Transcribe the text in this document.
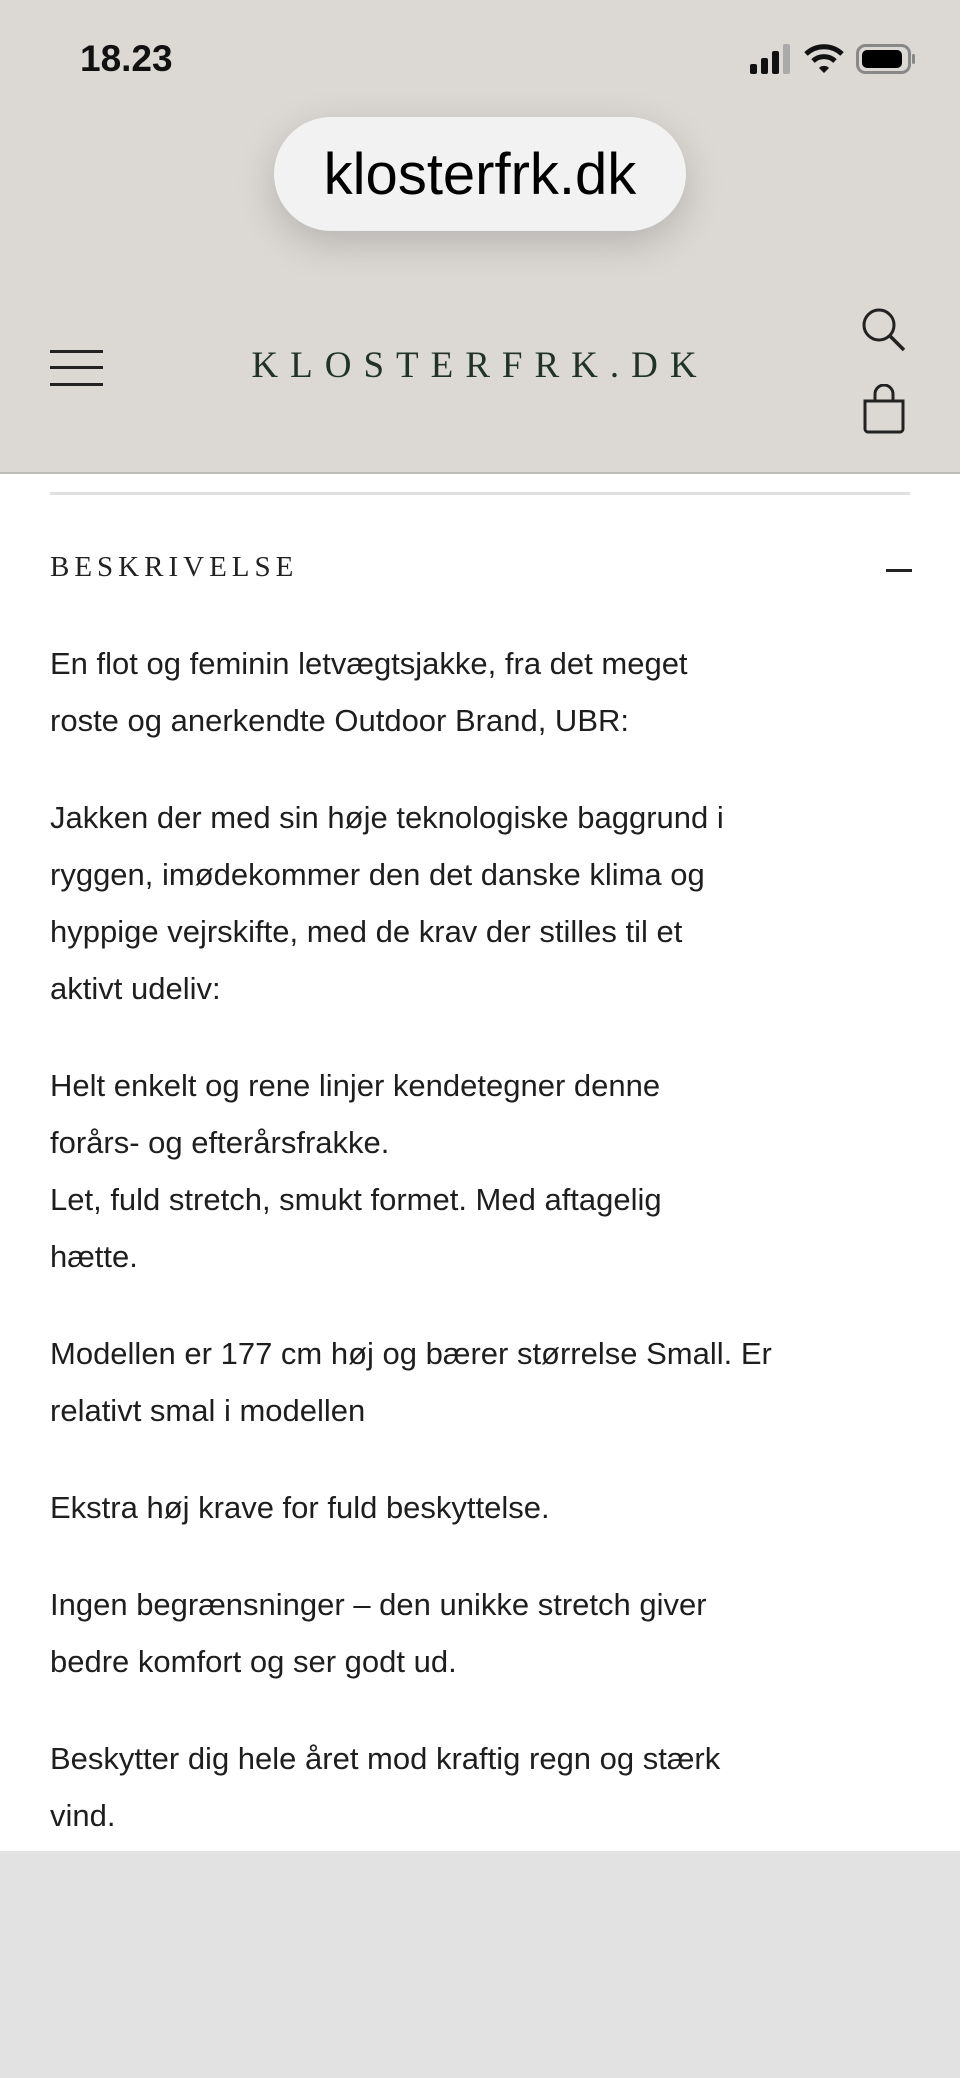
18.23
klosterfrk.dk
KLOSTERFRK.DK
BESKRIVELSE

En flot og feminin letvægtsjakke, fra det meget
roste og anerkendte Outdoor Brand, UBR:

Jakken der med sin høje teknologiske baggrund i
ryggen, imødekommer den det danske klima og
hyppige vejrskifte, med de krav der stilles til et
aktivt udeliv:

Helt enkelt og rene linjer kendetegner denne
forårs- og efterårsfrakke.
Let, fuld stretch, smukt formet. Med aftagelig
hætte.

Modellen er 177 cm høj og bærer størrelse Small. Er
relativt smal i modellen

Ekstra høj krave for fuld beskyttelse.

Ingen begrænsninger – den unikke stretch giver
bedre komfort og ser godt ud.

Beskytter dig hele året mod kraftig regn og stærk
vind.
